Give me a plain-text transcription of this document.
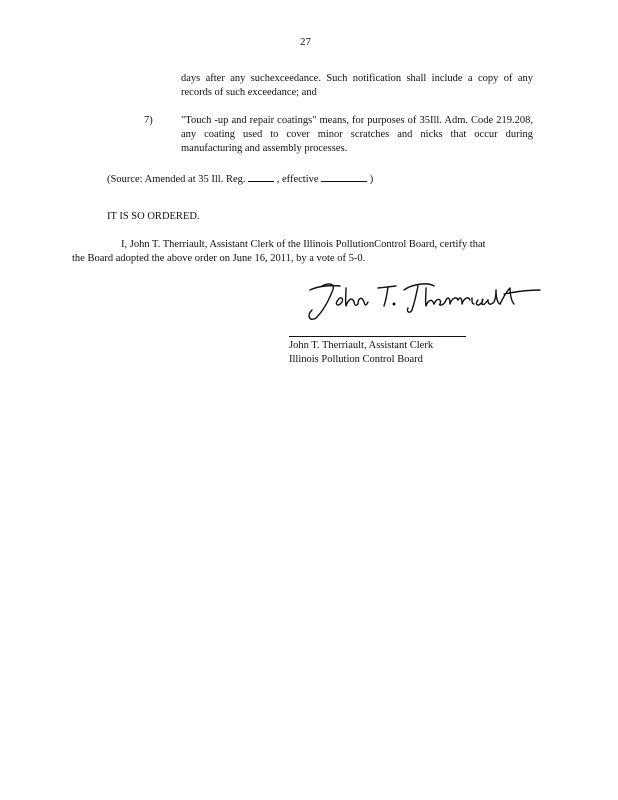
27
days after any suchexceedance. Such notification shall include a copy of any records of such exceedance; and
7)	"Touch -up and repair coatings" means, for purposes of 35Ill. Adm. Code 219.208, any coating used to cover minor scratches and nicks that occur during manufacturing and assembly processes.
(Source: Amended at 35 Ill. Reg.	, effective	)
IT IS SO ORDERED.
I, John T. Therriault, Assistant Clerk of the Illinois PollutionControl Board, certify that
the Board adopted the above order on June 16, 2011, by a vote of 5-0.
John T. Therriault, Assistant Clerk
Illinois Pollution Control Board
